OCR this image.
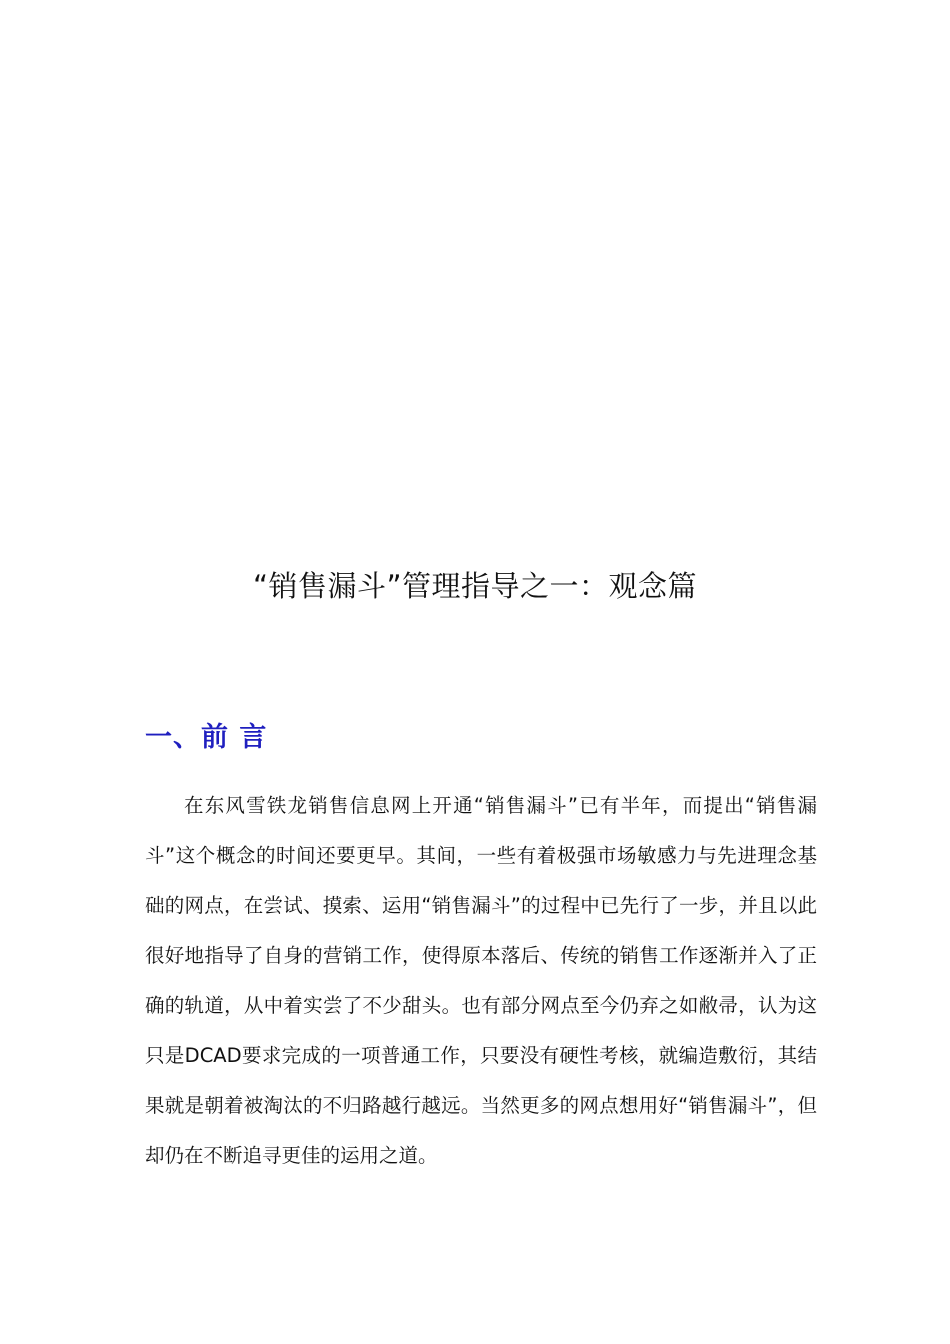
“销售漏斗”管理指导之一：观念篇
一、前 言

在东风雪铁龙销售信息网上开通“销售漏斗”已有半年，而提出“销售漏斗”这个概念的时间还要更早。其间，一些有着极强市场敏感力与先进理念基础的网点，在尝试、摸索、运用“销售漏斗”的过程中已先行了一步，并且以此很好地指导了自身的营销工作，使得原本落后、传统的销售工作逐渐并入了正确的轨道，从中着实尝了不少甜头。也有部分网点至今仍弃之如敝帚，认为这只是DCAD要求完成的一项普通工作，只要没有硬性考核，就编造敷衍，其结果就是朝着被淘汰的不归路越行越远。当然更多的网点想用好“销售漏斗”，但却仍在不断追寻更佳的运用之道。
